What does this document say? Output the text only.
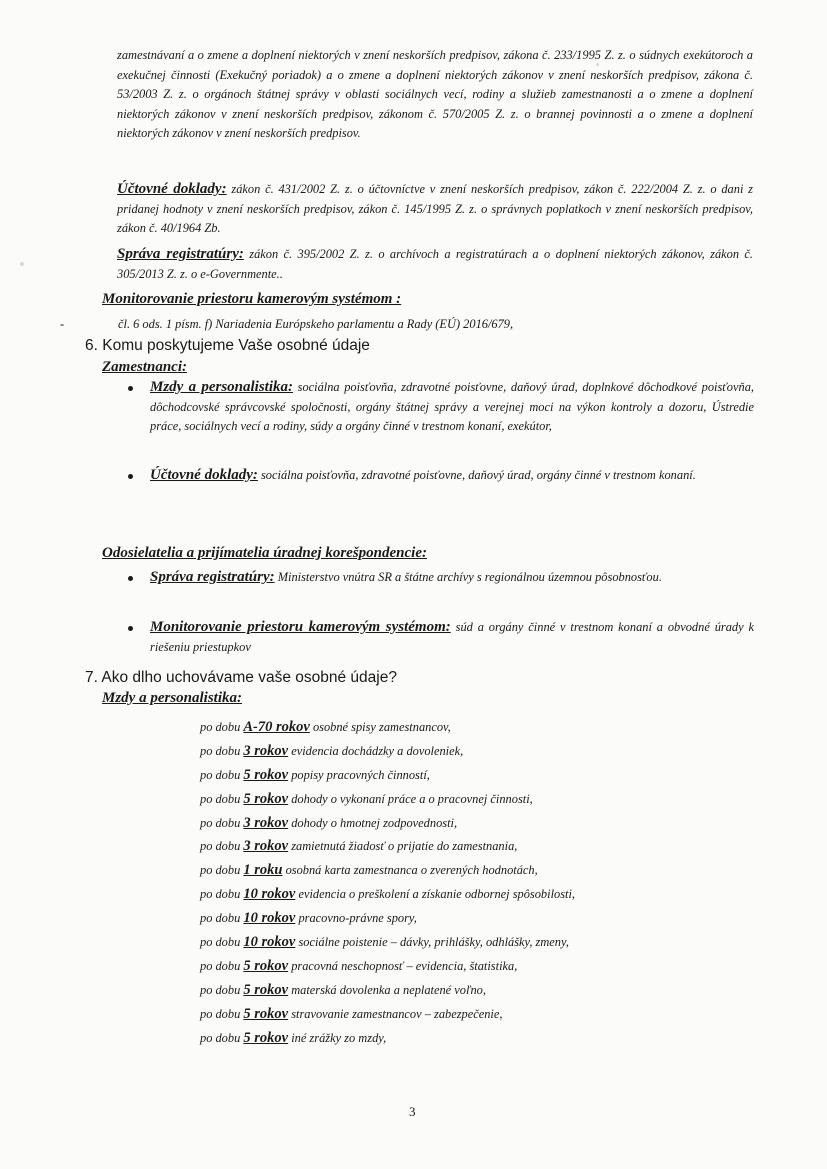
zamestnávaní a o zmene a doplnení niektorých v znení neskorších predpisov, zákona č. 233/1995 Z. z. o súdnych exekútoroch a exekučnej činnosti (Exekučný poriadok) a o zmene a doplnení niektorých zákonov v znení neskorších predpisov, zákona č. 53/2003 Z. z. o orgánoch štátnej správy v oblasti sociálnych vecí, rodiny a služieb zamestnanosti a o zmene a doplnení niektorých zákonov v znení neskorších predpisov, zákonom č. 570/2005 Z. z. o brannej povinnosti a o zmene a doplnení niektorých zákonov v znení neskorších predpisov.
Účtovné doklady: zákon č. 431/2002 Z. z. o účtovníctve v znení neskorších predpisov, zákon č. 222/2004 Z. z. o dani z pridanej hodnoty v znení neskorších predpisov, zákon č. 145/1995 Z. z. o správnych poplatkoch v znení neskorších predpisov, zákon č. 40/1964 Zb.
Správa registratúry: zákon č. 395/2002 Z. z. o archívoch a registratúrach a o doplnení niektorých zákonov, zákon č. 305/2013 Z. z. o e-Governmente..
Monitorovanie priestoru kamerovým systémom :
-	čl. 6 ods. 1 písm. f) Nariadenia Európskeho parlamentu a Rady (EÚ) 2016/679,
6. Komu poskytujeme Vaše osobné údaje
Zamestnanci:
Mzdy a personalistika: sociálna poisťovňa, zdravotné poisťovne, daňový úrad, doplnkové dôchodkové poisťovňa, dôchodcovské správcovské spoločnosti, orgány štátnej správy a verejnej moci na výkon kontroly a dozoru, Ústredie práce, sociálnych vecí a rodiny, súdy a orgány činné v trestnom konaní, exekútor,
Účtovné doklady: sociálna poisťovňa, zdravotné poisťovne, daňový úrad, orgány činné v trestnom konaní.
Odosielatelia a prijímatelia úradnej korešpondencie:
Správa registratúry: Ministerstvo vnútra SR a štátne archívy s regionálnou územnou pôsobnosťou.
Monitorovanie priestoru kamerovým systémom: súd a orgány činné v trestnom konaní a obvodné úrady k riešeniu priestupkov
7. Ako dlho uchovávame vaše osobné údaje?
Mzdy a personalistika:
po dobu A-70 rokov osobné spisy zamestnancov,
po dobu 3 rokov evidencia dochádzky a dovoleniek,
po dobu 5 rokov popisy pracovných činností,
po dobu 5 rokov dohody o vykonaní práce a o pracovnej činnosti,
po dobu 3 rokov dohody o hmotnej zodpovednosti,
po dobu 3 rokov zamietnutá žiadosť o prijatie do zamestnania,
po dobu 1 roku osobná karta zamestnanca o zverených hodnotách,
po dobu 10 rokov evidencia o preškolení a získanie odbornej spôsobilosti,
po dobu 10 rokov pracovno-právne spory,
po dobu 10 rokov sociálne poistenie – dávky, prihlášky, odhlášky, zmeny,
po dobu 5 rokov pracovná neschopnosť – evidencia, štatistika,
po dobu 5 rokov materská dovolenka a neplatené voľno,
po dobu 5 rokov stravovanie zamestnancov – zabezpečenie,
po dobu 5 rokov iné zrážky zo mzdy,
3
